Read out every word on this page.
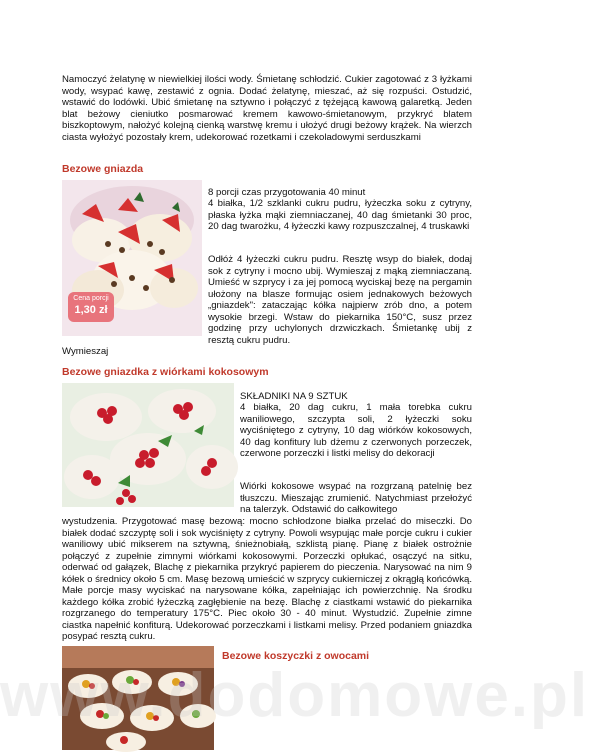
Namoczyć żelatynę w niewielkiej ilości wody. Śmietanę schłodzić. Cukier zagotować z 3 łyżkami wody, wsypać kawę, zestawić z ognia. Dodać żelatynę, mieszać, aż się rozpuści. Ostudzić, wstawić do lodówki. Ubić śmietanę na sztywno i połączyć z tężejącą kawową galaretką. Jeden blat beżowy cieniutko posmarować kremem kawowo-śmietanowym, przykryć blatem biszkoptowym, nałożyć kolejną cienką warstwę kremu i ułożyć drugi beżowy krążek. Na wierzch ciasta wyłożyć pozostały krem, udekorować rozetkami i czekoladowymi serduszkami

Bezowe gniazda
Cena porcji
1,30 zł

8 porcji czas przygotowania 40 minut

4 białka, 1/2 szklanki cukru pudru, łyżeczka soku z cytryny, płaska łyżka mąki ziemniaczanej, 40 dag śmietanki 30 proc, 20 dag twarożku, 4 łyżeczki kawy rozpuszczalnej, 4 truskawki

Odłóż 4 łyżeczki cukru pudru. Resztę wsyp do białek, dodaj sok z cytryny i mocno ubij. Wymieszaj z mąką ziemniaczaną. Umieść w szprycy i za jej pomocą wyciskaj bezę na pergamin ułożony na blasze formując osiem jednakowych beżowych „gniazdek": zataczając kółka najpierw zrób dno, a potem wysokie brzegi. Wstaw do piekarnika 150°C, susz przez godzinę przy uchylonych drzwiczkach. Śmietankę ubij z resztą cukru pudru.

Wymieszaj

Bezowe gniazdka z wiórkami kokosowym

SKŁADNIKI NA 9 SZTUK

4 białka, 20 dag cukru, 1 mała torebka cukru waniliowego, szczypta soli, 2 łyżeczki soku wyciśniętego z cytryny, 10 dag wiórków kokosowych, 40 dag konfitury lub dżemu z czerwonych porzeczek, czerwone porzeczki i listki melisy do dekoracji

Wiórki kokosowe wsypać na rozgrzaną patelnię bez tłuszczu. Mieszając zrumienić. Natychmiast przełożyć na talerzyk. Odstawić do całkowitego

wystudzenia. Przygotować masę bezową: mocno schłodzone białka przelać do miseczki. Do białek dodać szczyptę soli i sok wyciśnięty z cytryny. Powoli wsypując małe porcje cukru i cukier waniliowy ubić mikserem na sztywną, śnieżnobiałą, szklistą pianę. Pianę z białek ostrożnie połączyć z zupełnie zimnymi wiórkami kokosowymi. Porzeczki opłukać, osączyć na sitku, oderwać od gałązek, Blachę z piekarnika przykryć papierem do pieczenia. Narysować na nim 9 kółek o średnicy około 5 cm. Masę bezową umieścić w szprycy cukierniczej z okrągłą końcówką. Małe porcje masy wyciskać na narysowane kółka, zapełniając ich powierzchnię. Na środku każdego kółka zrobić łyżeczką zagłębienie na bezę. Blachę z ciastkami wstawić do piekarnika rozgrzanego do temperatury 175°C. Piec około 30 - 40 minut. Wystudzić. Zupełnie zimne ciastka napełnić konfiturą. Udekorować porzeczkami i listkami melisy. Przed podaniem gniazdka posypać resztą cukru.

Bezowe koszyczki z owocami
www.dodomowe.pl
